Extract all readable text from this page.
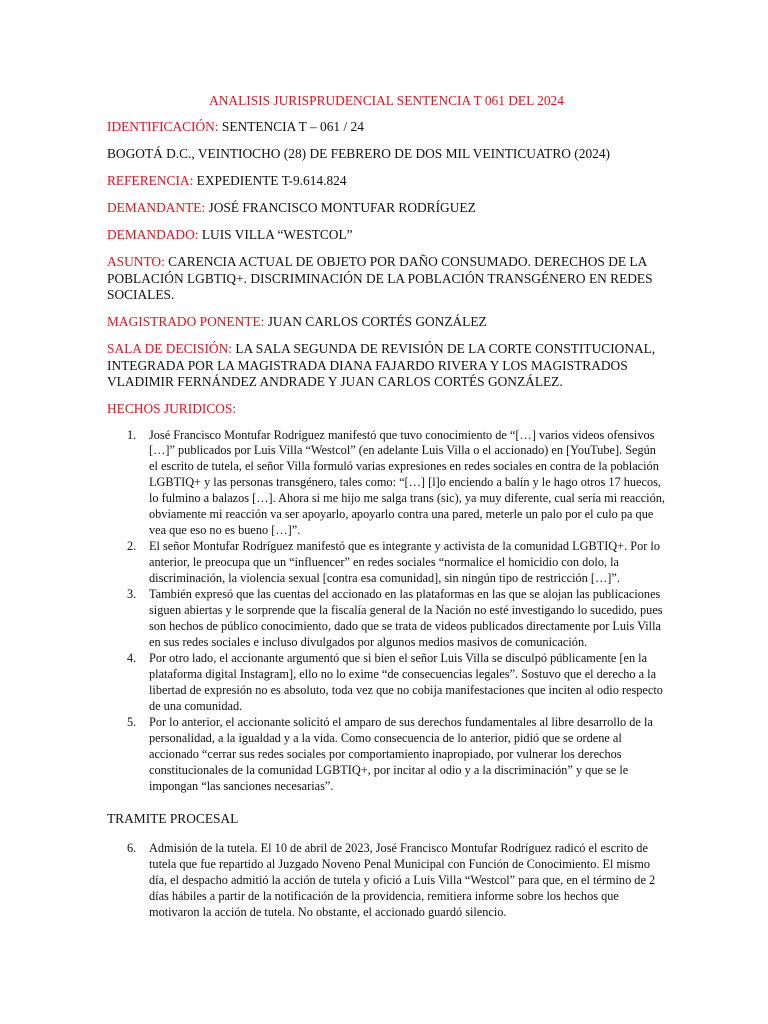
ANALISIS JURISPRUDENCIAL SENTENCIA T 061 DEL 2024
IDENTIFICACIÓN: SENTENCIA T – 061 / 24
BOGOTÁ D.C., VEINTIOCHO (28) DE FEBRERO DE DOS MIL VEINTICUATRO (2024)
REFERENCIA: EXPEDIENTE T-9.614.824
DEMANDANTE: JOSÉ FRANCISCO MONTUFAR RODRÍGUEZ
DEMANDADO: LUIS VILLA “WESTCOL”
ASUNTO: CARENCIA ACTUAL DE OBJETO POR DAÑO CONSUMADO. DERECHOS DE LA POBLACIÓN LGBTIQ+. DISCRIMINACIÓN DE LA POBLACIÓN TRANSGÉNERO EN REDES SOCIALES.
MAGISTRADO PONENTE: JUAN CARLOS CORTÉS GONZÁLEZ
SALA DE DECISIÓN: LA SALA SEGUNDA DE REVISIÓN DE LA CORTE CONSTITUCIONAL, INTEGRADA POR LA MAGISTRADA DIANA FAJARDO RIVERA Y LOS MAGISTRADOS VLADIMIR FERNÁNDEZ ANDRADE Y JUAN CARLOS CORTÉS GONZÁLEZ.
HECHOS JURIDICOS:
1. José Francisco Montufar Rodríguez manifestó que tuvo conocimiento de “[…] varios videos ofensivos […]” publicados por Luis Villa “Westcol” (en adelante Luis Villa o el accionado) en [YouTube]. Según el escrito de tutela, el señor Villa formuló varias expresiones en redes sociales en contra de la población LGBTIQ+ y las personas transgénero, tales como: “[…] [l]o enciendo a balín y le hago otros 17 huecos, lo fulmino a balazos […]. Ahora si me hijo me salga trans (sic), ya muy diferente, cual sería mi reacción, obviamente mi reacción va ser apoyarlo, apoyarlo contra una pared, meterle un palo por el culo pa que vea que eso no es bueno […]”.
2. El señor Montufar Rodríguez manifestó que es integrante y activista de la comunidad LGBTIQ+. Por lo anterior, le preocupa que un “influencer” en redes sociales “normalice el homicidio con dolo, la discriminación, la violencia sexual [contra esa comunidad], sin ningún tipo de restricción […]”.
3. También expresó que las cuentas del accionado en las plataformas en las que se alojan las publicaciones siguen abiertas y le sorprende que la fiscalía general de la Nación no esté investigando lo sucedido, pues son hechos de público conocimiento, dado que se trata de videos publicados directamente por Luis Villa en sus redes sociales e incluso divulgados por algunos medios masivos de comunicación.
4. Por otro lado, el accionante argumentó que si bien el señor Luis Villa se disculpó públicamente [en la plataforma digital Instagram], ello no lo exime “de consecuencias legales”. Sostuvo que el derecho a la libertad de expresión no es absoluto, toda vez que no cobija manifestaciones que inciten al odio respecto de una comunidad.
5. Por lo anterior, el accionante solicitó el amparo de sus derechos fundamentales al libre desarrollo de la personalidad, a la igualdad y a la vida. Como consecuencia de lo anterior, pidió que se ordene al accionado “cerrar sus redes sociales por comportamiento inapropiado, por vulnerar los derechos constitucionales de la comunidad LGBTIQ+, por incitar al odio y a la discriminación” y que se le impongan “las sanciones necesarias”.
TRAMITE PROCESAL
6. Admisión de la tutela. El 10 de abril de 2023, José Francisco Montufar Rodríguez radicó el escrito de tutela que fue repartido al Juzgado Noveno Penal Municipal con Función de Conocimiento. El mismo día, el despacho admitió la acción de tutela y ofició a Luis Villa “Westcol” para que, en el término de 2 días hábiles a partir de la notificación de la providencia, remitiera informe sobre los hechos que motivaron la acción de tutela. No obstante, el accionado guardó silencio.
